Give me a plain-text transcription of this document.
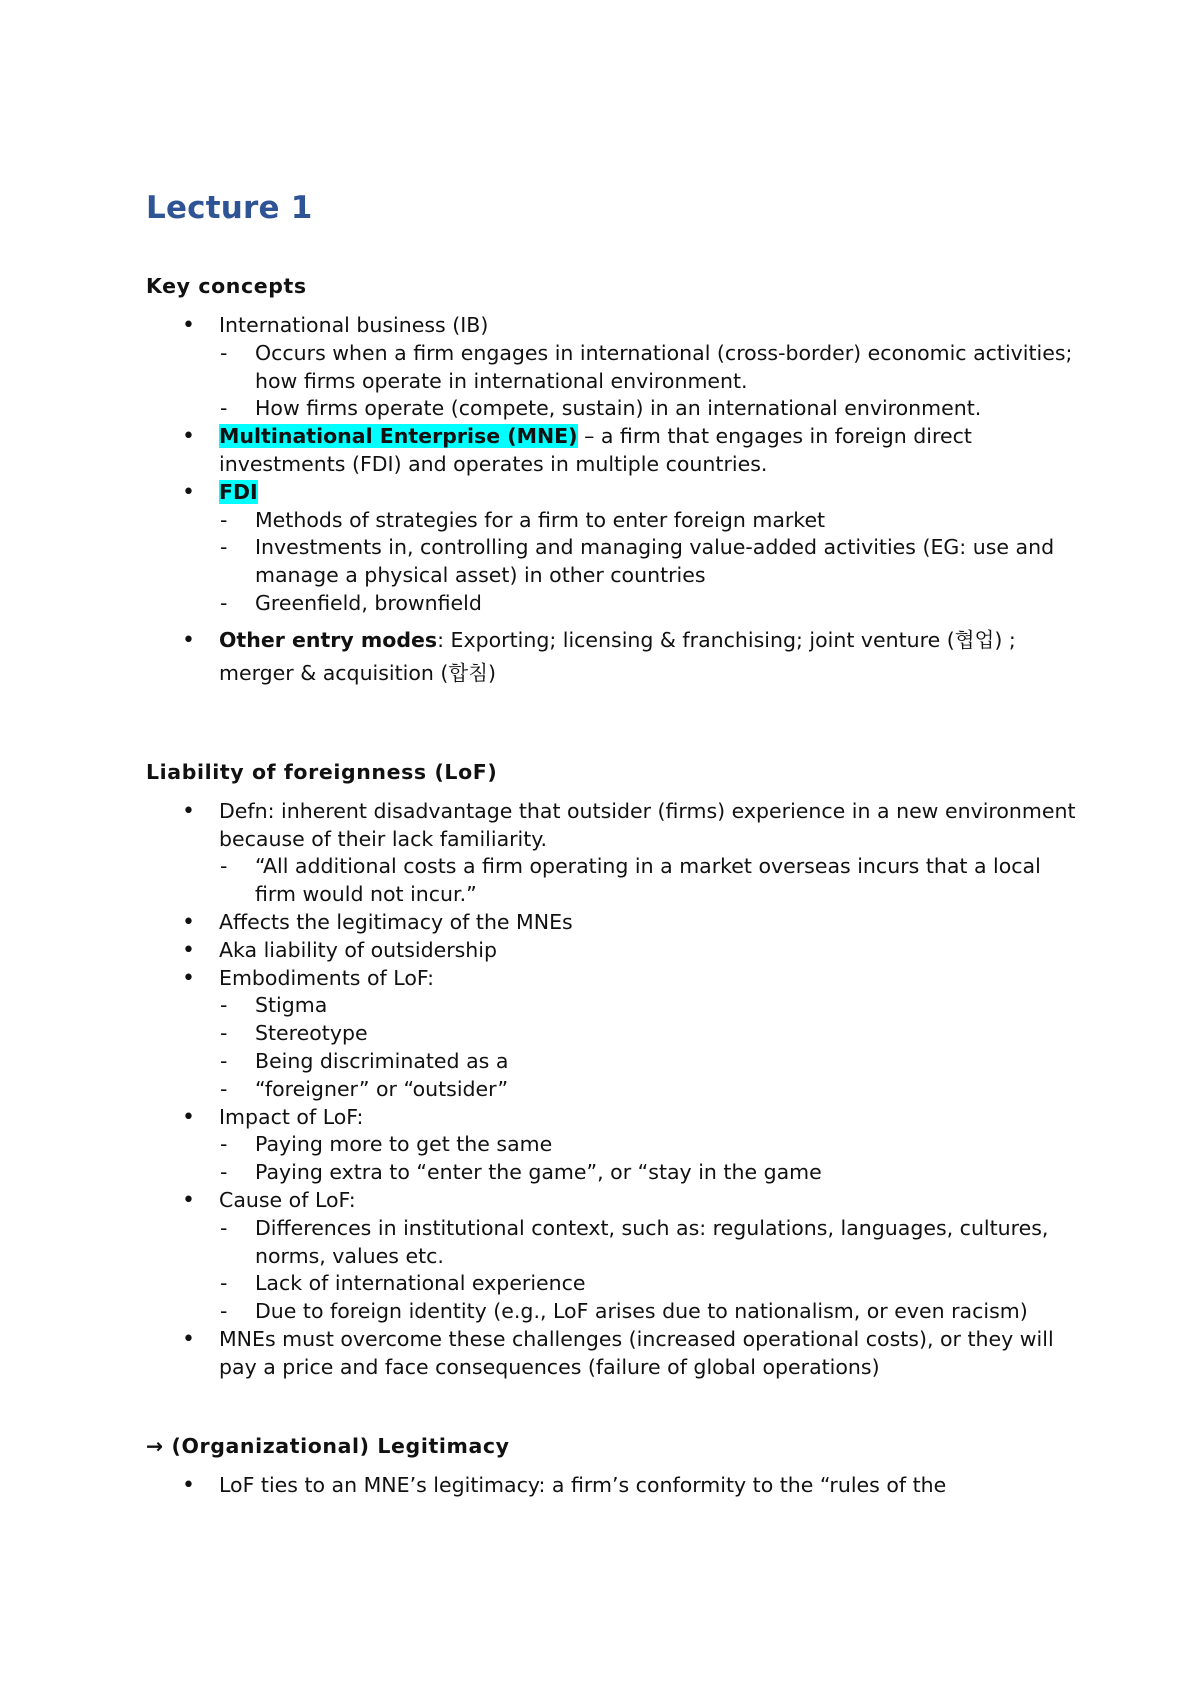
Lecture 1
Key concepts
• International business (IB)
- Occurs when a firm engages in international (cross-border) economic activities; how firms operate in international environment.
- How firms operate (compete, sustain) in an international environment.
• Multinational Enterprise (MNE) – a firm that engages in foreign direct investments (FDI) and operates in multiple countries.
• FDI
- Methods of strategies for a firm to enter foreign market
- Investments in, controlling and managing value-added activities (EG: use and manage a physical asset) in other countries
- Greenfield, brownfield
• Other entry modes: Exporting; licensing & franchising; joint venture (협업) ; merger & acquisition (합침)
Liability of foreignness (LoF)
• Defn: inherent disadvantage that outsider (firms) experience in a new environment because of their lack familiarity.
- “All additional costs a firm operating in a market overseas incurs that a local firm would not incur.”
• Affects the legitimacy of the MNEs
• Aka liability of outsidership
• Embodiments of LoF:
- Stigma
- Stereotype
- Being discriminated as a
- “foreigner” or “outsider”
• Impact of LoF:
- Paying more to get the same
- Paying extra to “enter the game”, or “stay in the game
• Cause of LoF:
- Differences in institutional context, such as: regulations, languages, cultures, norms, values etc.
- Lack of international experience
- Due to foreign identity (e.g., LoF arises due to nationalism, or even racism)
• MNEs must overcome these challenges (increased operational costs), or they will pay a price and face consequences (failure of global operations)
→ (Organizational) Legitimacy
• LoF ties to an MNE’s legitimacy: a firm’s conformity to the “rules of the
